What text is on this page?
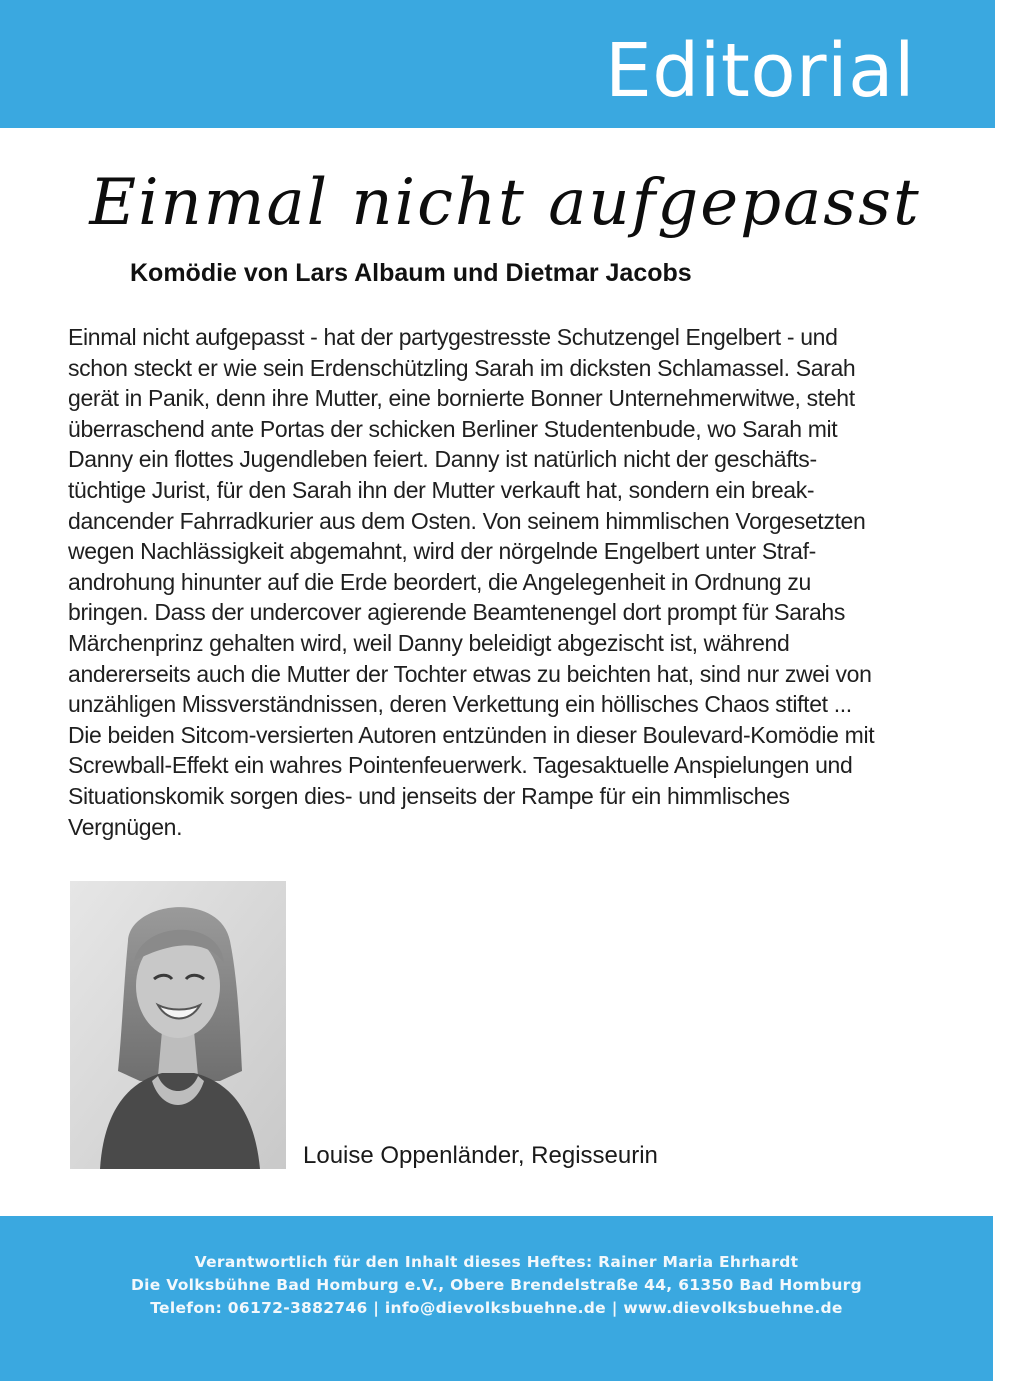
Editorial
Einmal nicht aufgepasst
Komödie von Lars Albaum und Dietmar Jacobs
Einmal nicht aufgepasst - hat der partygestresste Schutzengel Engelbert - und
schon steckt er wie sein Erdenschützling Sarah im dicksten Schlamassel. Sarah
gerät in Panik, denn ihre Mutter, eine bornierte Bonner Unternehmerwitwe, steht
überraschend ante Portas der schicken Berliner Studentenbude, wo Sarah mit
Danny ein flottes Jugendleben feiert. Danny ist natürlich nicht der geschäfts-
tüchtige Jurist, für den Sarah ihn der Mutter verkauft hat, sondern ein break-
dancender Fahrradkurier aus dem Osten. Von seinem himmlischen Vorgesetzten
wegen Nachlässigkeit abgemahnt, wird der nörgelnde Engelbert unter Straf-
androhung hinunter auf die Erde beordert, die Angelegenheit in Ordnung zu
bringen. Dass der undercover agierende Beamtenengel dort prompt für Sarahs
Märchenprinz gehalten wird, weil Danny beleidigt abgezischt ist, während
andererseits auch die Mutter der Tochter etwas zu beichten hat, sind nur zwei von
unzähligen Missverständnissen, deren Verkettung ein höllisches Chaos stiftet ...
Die beiden Sitcom-versierten Autoren entzünden in dieser Boulevard-Komödie mit
Screwball-Effekt ein wahres Pointenfeuerwerk. Tagesaktuelle Anspielungen und
Situationskomik sorgen dies- und jenseits der Rampe für ein himmlisches
Vergnügen.
Louise Oppenländer, Regisseurin
Verantwortlich für den Inhalt dieses Heftes: Rainer Maria Ehrhardt
Die Volksbühne Bad Homburg e.V., Obere Brendelstraße 44, 61350 Bad Homburg
Telefon: 06172-3882746 | info@dievolksbuehne.de | www.dievolksbuehne.de
